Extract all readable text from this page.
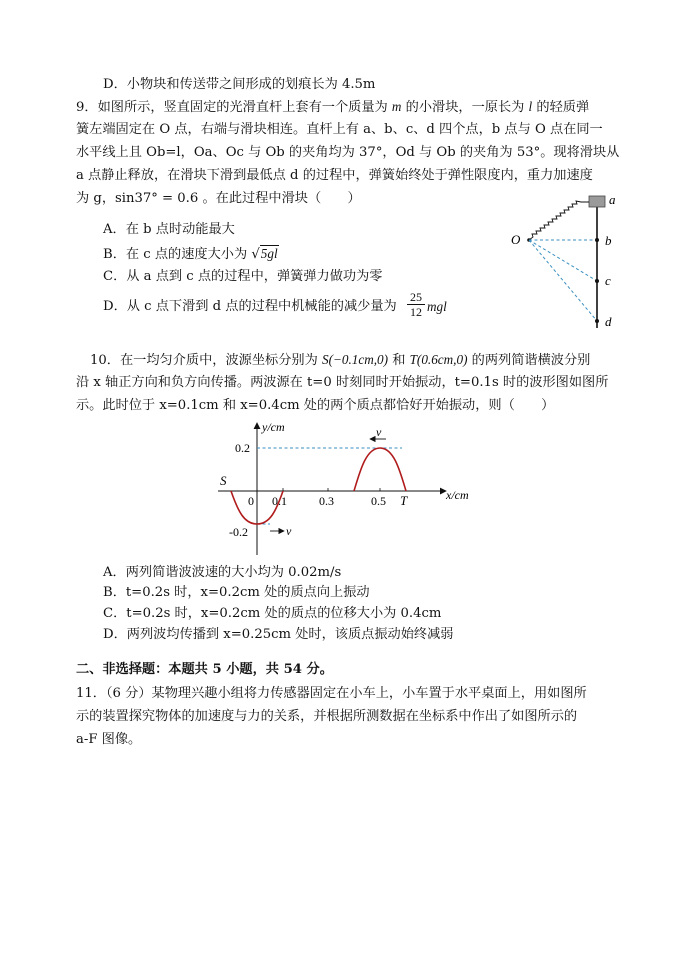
D．小物块和传送带之间形成的划痕长为 4.5m
9．如图所示，竖直固定的光滑直杆上套有一个质量为 m 的小滑块，一原长为 l 的轻质弹
簧左端固定在 O 点，右端与滑块相连。直杆上有 a、b、c、d 四个点，b 点与 O 点在同一
水平线上且 Ob=l，Oa、Oc 与 Ob 的夹角均为 37°，Od 与 Ob 的夹角为 53°。现将滑块从
a 点静止释放，在滑块下滑到最低点 d 的过程中，弹簧始终处于弹性限度内，重力加速度
为 g，sin37° = 0.6 。在此过程中滑块（　　）
A．在 b 点时动能最大
B．在 c 点的速度大小为 √5gl
C．从 a 点到 c 点的过程中，弹簧弹力做功为零
D．从 c 点下滑到 d 点的过程中机械能的减少量为 $\frac{25}{12}$ mgl
O
a
b
c
d
10．在一均匀介质中，波源坐标分别为 S(−0.1cm,0) 和 T(0.6cm,0) 的两列简谐横波分别
沿 x 轴正方向和负方向传播。两波源在 t=0 时刻同时开始振动，t=0.1s 时的波形图如图所
示。此时位于 x=0.1cm 和 x=0.4cm 处的两个质点都恰好开始振动，则（　　）
v
v
y/cm
x/cm
0.2
-0.2
0 0.1	0.3	0.5
S
T
A．两列简谐波波速的大小均为 0.02m/s
B．t=0.2s 时，x=0.2cm 处的质点向上振动
C．t=0.2s 时，x=0.2cm 处的质点的位移大小为 0.4cm
D．两列波均传播到 x=0.25cm 处时，该质点振动始终减弱
二、非选择题：本题共 5 小题，共 54 分。
11．（6 分）某物理兴趣小组将力传感器固定在小车上，小车置于水平桌面上，用如图所
示的装置探究物体的加速度与力的关系，并根据所测数据在坐标系中作出了如图所示的
a-F 图像。
